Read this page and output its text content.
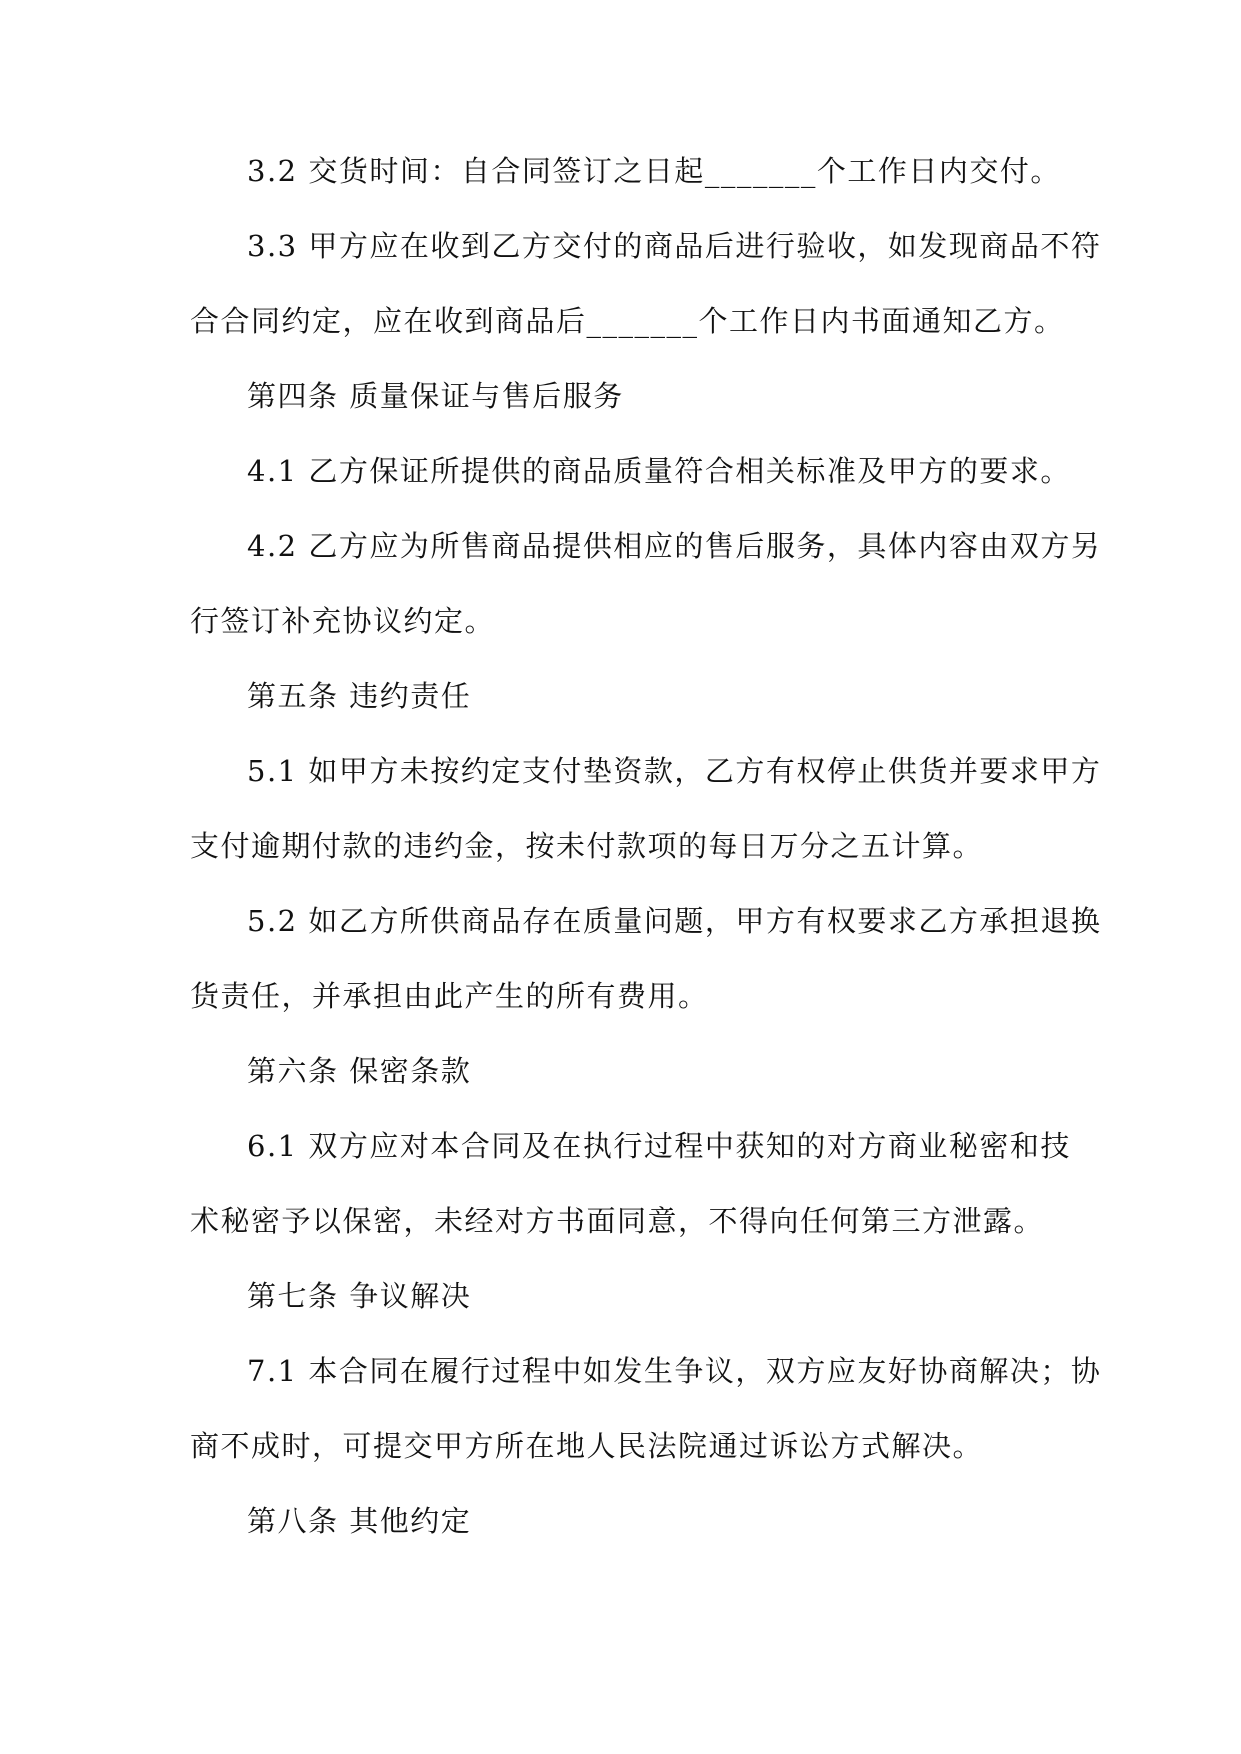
3.2 交货时间：自合同签订之日起_______个工作日内交付。
3.3 甲方应在收到乙方交付的商品后进行验收，如发现商品不符
合合同约定，应在收到商品后_______个工作日内书面通知乙方。
第四条 质量保证与售后服务
4.1 乙方保证所提供的商品质量符合相关标准及甲方的要求。
4.2 乙方应为所售商品提供相应的售后服务，具体内容由双方另
行签订补充协议约定。
第五条 违约责任
5.1 如甲方未按约定支付垫资款，乙方有权停止供货并要求甲方
支付逾期付款的违约金，按未付款项的每日万分之五计算。
5.2 如乙方所供商品存在质量问题，甲方有权要求乙方承担退换
货责任，并承担由此产生的所有费用。
第六条 保密条款
6.1 双方应对本合同及在执行过程中获知的对方商业秘密和技
术秘密予以保密，未经对方书面同意，不得向任何第三方泄露。
第七条 争议解决
7.1 本合同在履行过程中如发生争议，双方应友好协商解决；协
商不成时，可提交甲方所在地人民法院通过诉讼方式解决。
第八条 其他约定
